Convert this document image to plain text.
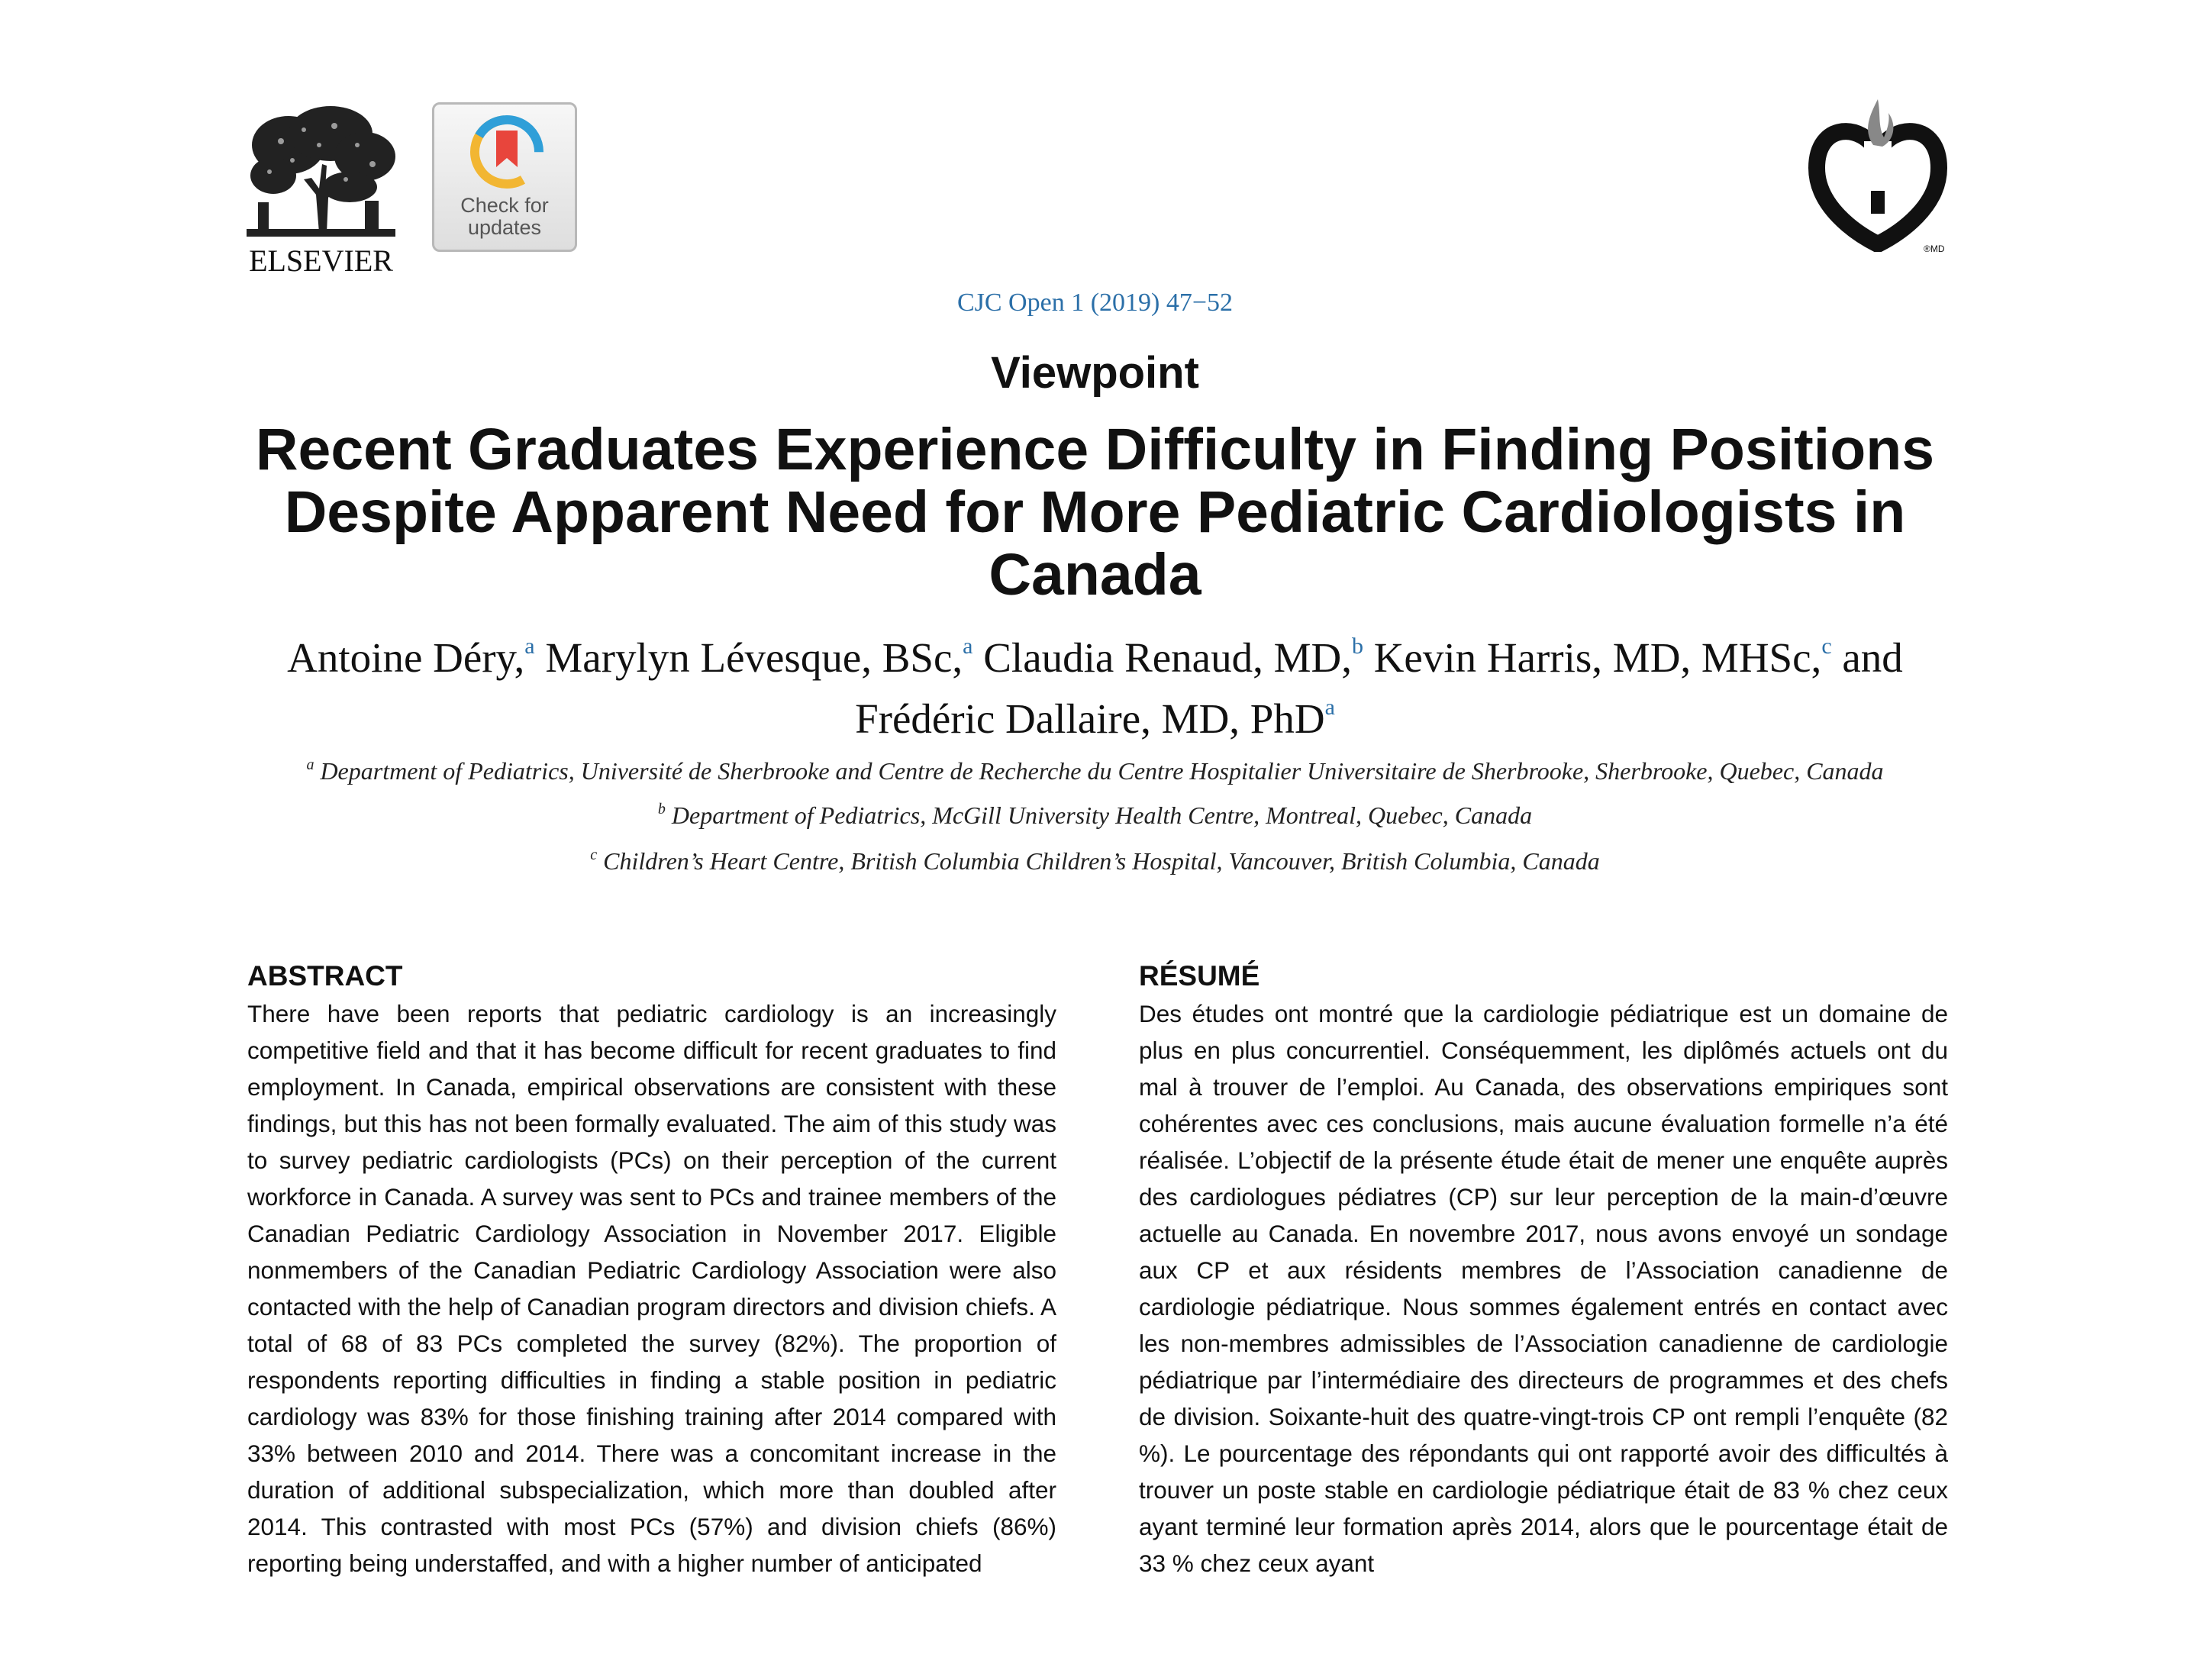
ELSEVIER
Check for
updates
®MD
CJC Open 1 (2019) 47−52
Viewpoint
Recent Graduates Experience Difficulty in Finding Positions Despite Apparent Need for More Pediatric Cardiologists in Canada
Antoine Déry,$^a$ Marylyn Lévesque, BSc,$^a$ Claudia Renaud, MD,$^b$ Kevin Harris, MD, MHSc,$^c$ and
Frédéric Dallaire, MD, PhD$^a$
$^a$ Department of Pediatrics, Université de Sherbrooke and Centre de Recherche du Centre Hospitalier Universitaire de Sherbrooke, Sherbrooke, Quebec, Canada
$^b$ Department of Pediatrics, McGill University Health Centre, Montreal, Quebec, Canada
$^c$ Children’s Heart Centre, British Columbia Children’s Hospital, Vancouver, British Columbia, Canada
ABSTRACT
There have been reports that pediatric cardiology is an increasingly competitive field and that it has become difficult for recent graduates to find employment. In Canada, empirical observations are consistent with these findings, but this has not been formally evaluated. The aim of this study was to survey pediatric cardiologists (PCs) on their perception of the current workforce in Canada. A survey was sent to PCs and trainee members of the Canadian Pediatric Cardiology Association in November 2017. Eligible nonmembers of the Canadian Pediatric Cardiology Association were also contacted with the help of Canadian program directors and division chiefs. A total of 68 of 83 PCs completed the survey (82%). The proportion of respondents reporting difficulties in finding a stable position in pediatric cardiology was 83% for those finishing training after 2014 compared with 33% between 2010 and 2014. There was a concomitant increase in the duration of additional subspecialization, which more than doubled after 2014. This contrasted with most PCs (57%) and division chiefs (86%) reporting being understaffed, and with a higher number of anticipated
RÉSUMÉ
Des études ont montré que la cardiologie pédiatrique est un domaine de plus en plus concurrentiel. Conséquemment, les diplômés actuels ont du mal à trouver de l’emploi. Au Canada, des observations empiriques sont cohérentes avec ces conclusions, mais aucune évaluation formelle n’a été réalisée. L’objectif de la présente étude était de mener une enquête auprès des cardiologues pédiatres (CP) sur leur perception de la main-d’œuvre actuelle au Canada. En novembre 2017, nous avons envoyé un sondage aux CP et aux résidents membres de l’Association canadienne de cardiologie pédiatrique. Nous sommes également entrés en contact avec les non-membres admissibles de l’Association canadienne de cardiologie pédiatrique par l’intermédiaire des directeurs de programmes et des chefs de division. Soixante-huit des quatre-vingt-trois CP ont rempli l’enquête (82 %). Le pourcentage des répondants qui ont rapporté avoir des difficultés à trouver un poste stable en cardiologie pédiatrique était de 83 % chez ceux ayant terminé leur formation après 2014, alors que le pourcentage était de 33 % chez ceux ayant
